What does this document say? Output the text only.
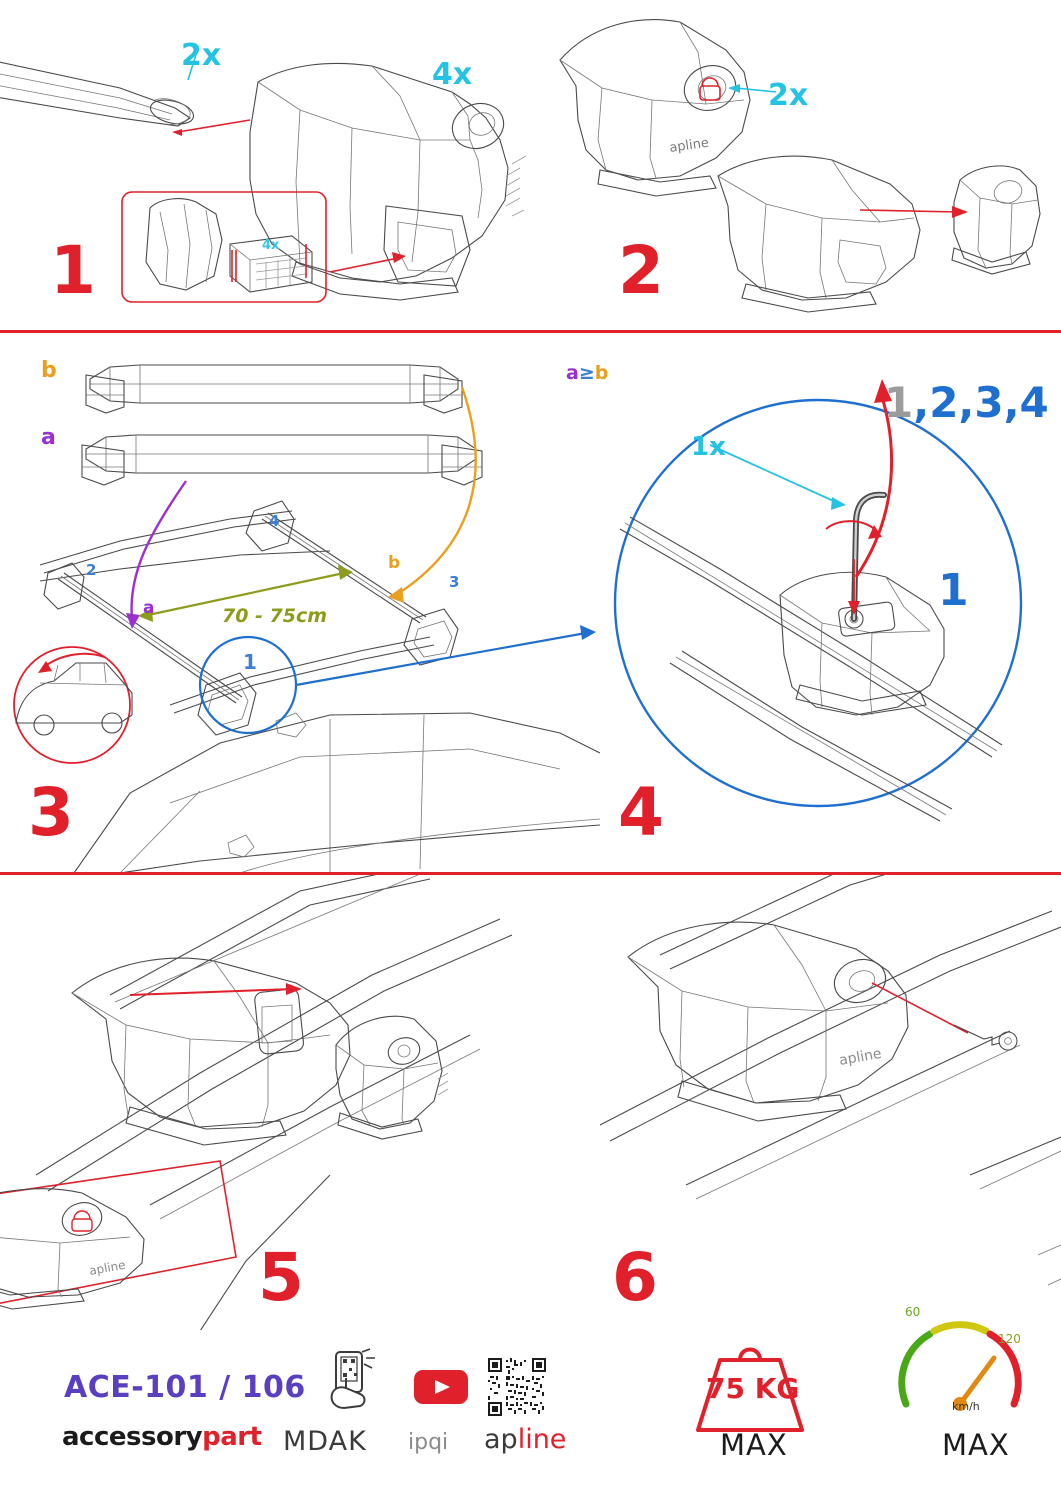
apline
1	2
2x
4x
4x
2x
3	4
b
a
a
b
a≥b
70 - 75cm
2
3
4
1
1x
1,2,3,4
1
apline
apline
5	6
ACE-101 / 106
accessorypart MDAK ipqi apline
75 KG
MAX
60
120
km/h
MAX
